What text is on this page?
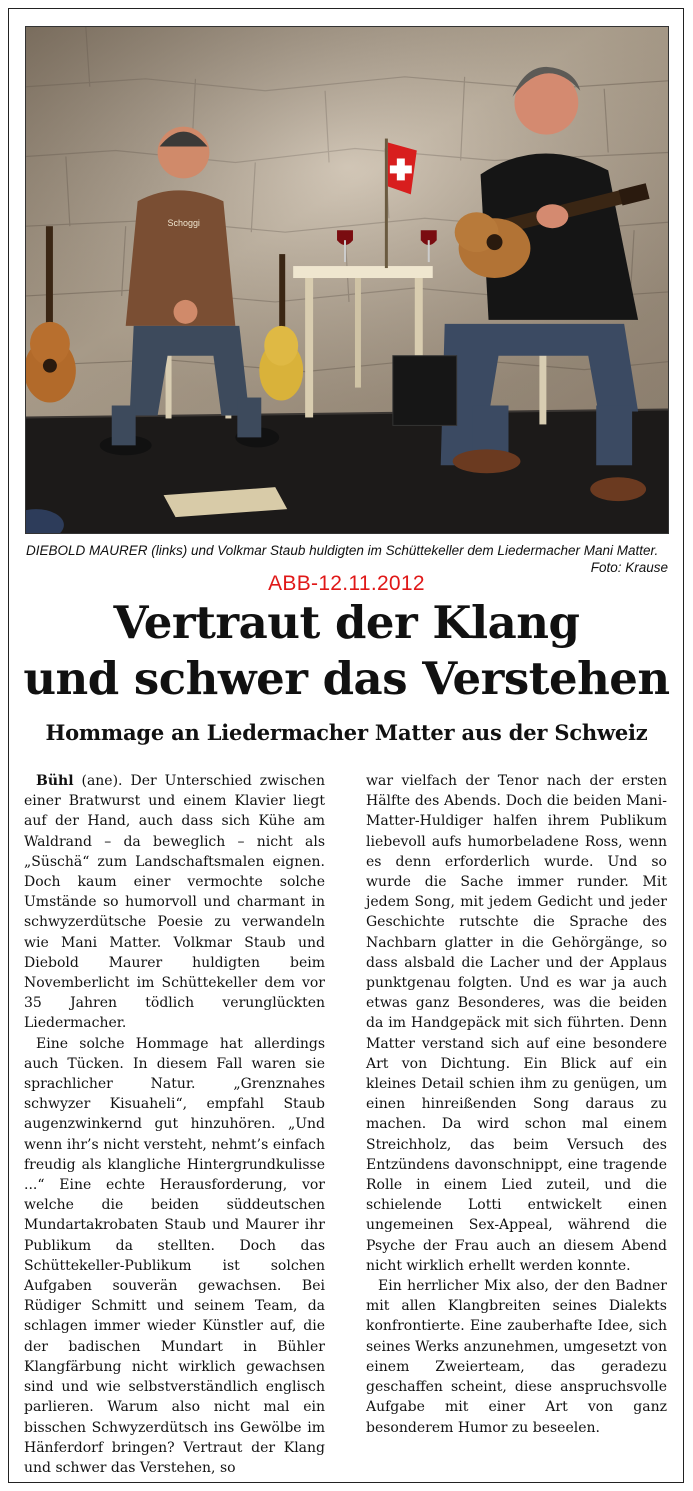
Schoggi
DIEBOLD MAURER (links) und Volkmar Staub huldigten im Schüttekeller dem Liedermacher Mani Matter.
Foto: Krause
ABB-12.11.2012
Vertraut der Klang
und schwer das Verstehen
Hommage an Liedermacher Matter aus der Schweiz

Bühl (ane). Der Unterschied zwischen einer Bratwurst und einem Klavier liegt auf der Hand, auch dass sich Kühe am Waldrand – da beweglich – nicht als „Süschä“ zum Landschaftsmalen eignen. Doch kaum einer vermochte solche Umstände so humorvoll und charmant in schwyzerdütsche Poesie zu verwandeln wie Mani Matter. Volkmar Staub und Diebold Maurer huldigten beim Novemberlicht im Schüttekeller dem vor 35 Jahren tödlich verunglückten Liedermacher.

Eine solche Hommage hat allerdings auch Tücken. In diesem Fall waren sie sprachlicher Natur. „Grenznahes schwyzer Kisuaheli“, empfahl Staub augenzwinkernd gut hinzuhören. „Und wenn ihr’s nicht versteht, nehmt’s einfach freudig als klangliche Hintergrundkulisse ...“ Eine echte Herausforderung, vor welche die beiden süddeutschen Mundartakrobaten Staub und Maurer ihr Publikum da stellten. Doch das Schüttekeller-Publikum ist solchen Aufgaben souverän gewachsen. Bei Rüdiger Schmitt und seinem Team, da schlagen immer wieder Künstler auf, die der badischen Mundart in Bühler Klangfärbung nicht wirklich gewachsen sind und wie selbstverständlich englisch parlieren. Warum also nicht mal ein bisschen Schwyzerdütsch ins Gewölbe im Hänferdorf bringen? Vertraut der Klang und schwer das Verstehen, so

war vielfach der Tenor nach der ersten Hälfte des Abends. Doch die beiden Mani-Matter-Huldiger halfen ihrem Publikum liebevoll aufs humorbeladene Ross, wenn es denn erforderlich wurde. Und so wurde die Sache immer runder. Mit jedem Song, mit jedem Gedicht und jeder Geschichte rutschte die Sprache des Nachbarn glatter in die Gehörgänge, so dass alsbald die Lacher und der Applaus punktgenau folgten. Und es war ja auch etwas ganz Besonderes, was die beiden da im Handgepäck mit sich führten. Denn Matter verstand sich auf eine besondere Art von Dichtung. Ein Blick auf ein kleines Detail schien ihm zu genügen, um einen hinreißenden Song daraus zu machen. Da wird schon mal einem Streichholz, das beim Versuch des Entzündens davonschnippt, eine tragende Rolle in einem Lied zuteil, und die schielende Lotti entwickelt einen ungemeinen Sex-Appeal, während die Psyche der Frau auch an diesem Abend nicht wirklich erhellt werden konnte.

Ein herrlicher Mix also, der den Badner mit allen Klangbreiten seines Dialekts konfrontierte. Eine zauberhafte Idee, sich seines Werks anzunehmen, umgesetzt von einem Zweierteam, das geradezu geschaffen scheint, diese anspruchsvolle Aufgabe mit einer Art von ganz besonderem Humor zu beseelen.
